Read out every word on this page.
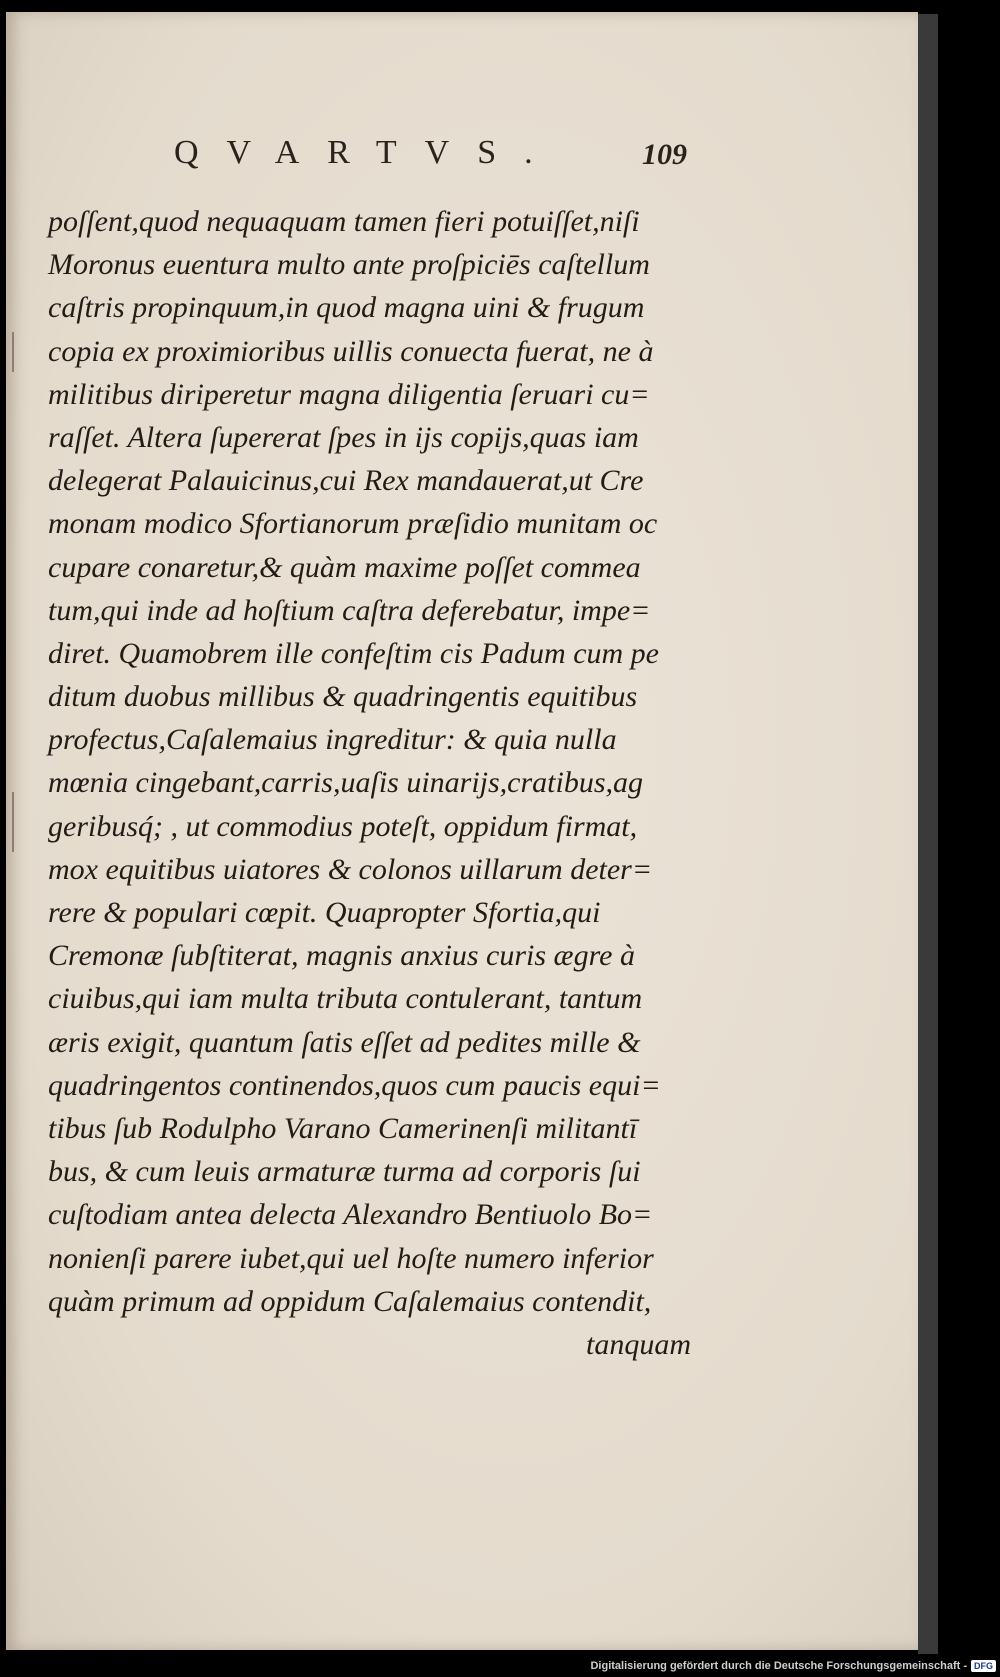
QVARTVS.	109
poſſent,quod nequaquam tamen fieri potuiſſet,niſi
Moronus euentura multo ante proſpiciēs caſtellum
caſtris propinquum,in quod magna uini & frugum
copia ex proximioribus uillis conuecta fuerat, ne à
militibus diriperetur magna diligentia ſeruari cu=
raſſet. Altera ſupererat ſpes in ijs copijs,quas iam
delegerat Palauicinus,cui Rex mandauerat,ut Cre
monam modico Sfortianorum præſidio munitam oc
cupare conaretur,& quàm maxime poſſet commea
tum,qui inde ad hoſtium caſtra deferebatur, impe=
diret. Quamobrem ille confeſtim cis Padum cum pe
ditum duobus millibus & quadringentis equitibus
profectus,Caſalemaius ingreditur: & quia nulla
mœnia cingebant,carris,uaſis uinarijs,cratibus,ag
geribusq́; , ut commodius poteſt, oppidum firmat,
mox equitibus uiatores & colonos uillarum deter=
rere & populari cœpit. Quapropter Sfortia,qui
Cremonæ ſubſtiterat, magnis anxius curis ægre à
ciuibus,qui iam multa tributa contulerant, tantum
æris exigit, quantum ſatis eſſet ad pedites mille &
quadringentos continendos,quos cum paucis equi=
tibus ſub Rodulpho Varano Camerinenſi militantī
bus, & cum leuis armaturæ turma ad corporis ſui
cuſtodiam antea delecta Alexandro Bentiuolo Bo=
nonienſi parere iubet,qui uel hoſte numero inferior
quàm primum ad oppidum Caſalemaius contendit,
tanquam
Digitalisierung gefördert durch die Deutsche Forschungsgemeinschaft - DFG
